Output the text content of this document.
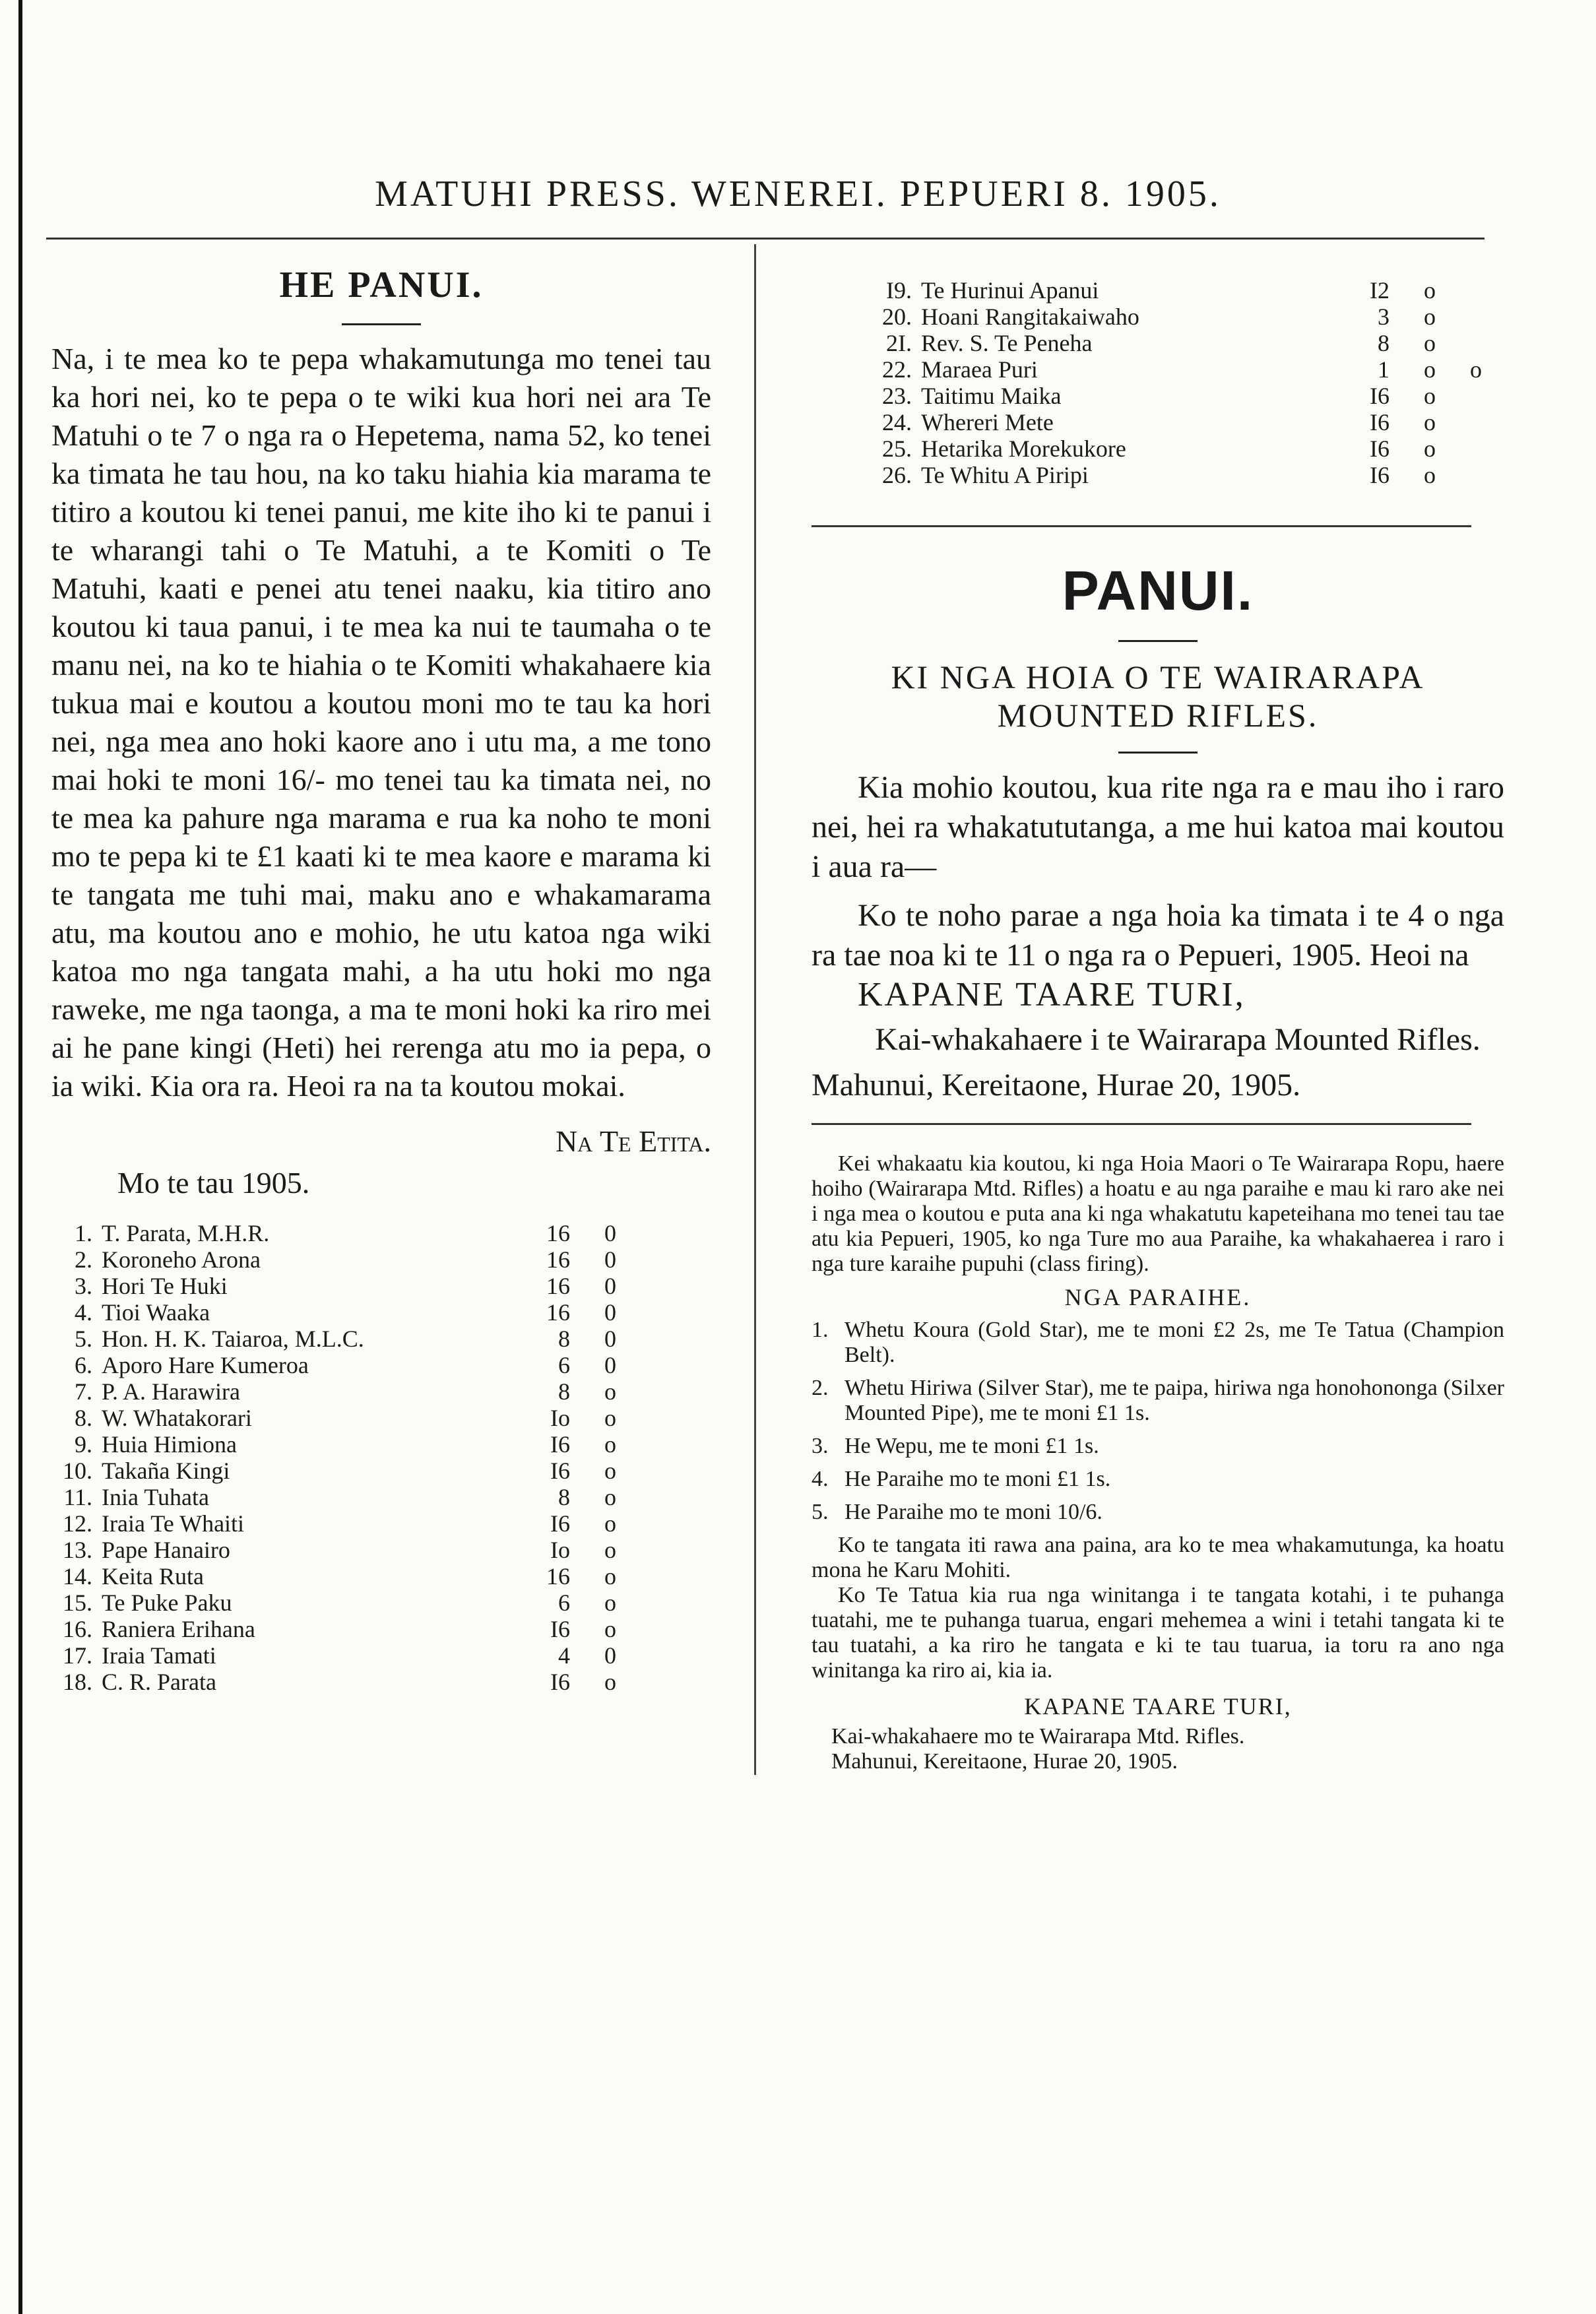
MATUHI PRESS. WENEREI. PEPUERI 8. 1905.
HE PANUI.

Na, i te mea ko te pepa whakamutunga mo tenei tau ka hori nei, ko te pepa o te wiki kua hori nei ara Te Matuhi o te 7 o nga ra o Hepetema, nama 52, ko tenei ka timata he tau hou, na ko taku hiahia kia marama te titiro a koutou ki tenei panui, me kite iho ki te panui i te wharangi tahi o Te Matuhi, a te Komiti o Te Matuhi, kaati e penei atu tenei naaku, kia titiro ano koutou ki taua panui, i te mea ka nui te taumaha o te manu nei, na ko te hiahia o te Komiti whakahaere kia tukua mai e koutou a koutou moni mo te tau ka hori nei, nga mea ano hoki kaore ano i utu ma, a me tono mai hoki te moni 16/- mo tenei tau ka timata nei, no te mea ka pahure nga marama e rua ka noho te moni mo te pepa ki te £1 kaati ki te mea kaore e marama ki te tangata me tuhi mai, maku ano e whakamarama atu, ma koutou ano e mohio, he utu katoa nga wiki katoa mo nga tangata mahi, a ha utu hoki mo nga raweke, me nga taonga, a ma te moni hoki ka riro mei ai he pane kingi (Heti) hei rerenga atu mo ia pepa, o ia wiki. Kia ora ra. Heoi ra na ta koutou mokai.

Na Te Etita.

Mo te tau 1905.

1.	T. Parata, M.H.R.	16	0
2.	Koroneho Arona	16	0
3.	Hori Te Huki	16	0
4.	Tioi Waaka	16	0
5.	Hon. H. K. Taiaroa, M.L.C.	8	0
6.	Aporo Hare Kumeroa	6	0
7.	P. A. Harawira	8	o
8.	W. Whatakorari	Io	o
9.	Huia Himiona	I6	o
10.	Takaña Kingi	I6	o
11.	Inia Tuhata	8	o
12.	Iraia Te Whaiti	I6	o
13.	Pape Hanairo	Io	o
14.	Keita Ruta	16	o
15.	Te Puke Paku	6	o
16.	Raniera Erihana	I6	o
17.	Iraia Tamati	4	0
18.	C. R. Parata	I6	o
I9.	Te Hurinui Apanui	I2	o	
20.	Hoani Rangitakaiwaho	3	o	
2I.	Rev. S. Te Peneha	8	o	
22.	Maraea Puri	1	o	o
23.	Taitimu Maika	I6	o	
24.	Whereri Mete	I6	o	
25.	Hetarika Morekukore	I6	o	
26.	Te Whitu A Piripi	I6	o	
PANUI.

KI NGA HOIA O TE WAIRARAPA MOUNTED RIFLES.

Kia mohio koutou, kua rite nga ra e mau iho i raro nei, hei ra whakatututanga, a me hui katoa mai koutou i aua ra—

Ko te noho parae a nga hoia ka timata i te 4 o nga ra tae noa ki te 11 o nga ra o Pepueri, 1905. Heoi na

KAPANE TAARE TURI,

Kai-whakahaere i te Wairarapa Mounted Rifles.

Mahunui, Kereitaone, Hurae 20, 1905.

Kei whakaatu kia koutou, ki nga Hoia Maori o Te Wairarapa Ropu, haere hoiho (Wairarapa Mtd. Rifles) a hoatu e au nga paraihe e mau ki raro ake nei i nga mea o koutou e puta ana ki nga whakatutu kapeteihana mo tenei tau tae atu kia Pepueri, 1905, ko nga Ture mo aua Paraihe, ka whakahaerea i raro i nga ture karaihe pupuhi (class firing).

NGA PARAIHE.

1. Whetu Koura (Gold Star), me te moni £2 2s, me Te Tatua (Champion Belt).
2. Whetu Hiriwa (Silver Star), me te paipa, hiriwa nga honohononga (Silxer Mounted Pipe), me te moni £1 1s.
3. He Wepu, me te moni £1 1s.
4. He Paraihe mo te moni £1 1s.
5. He Paraihe mo te moni 10/6.

Ko te tangata iti rawa ana paina, ara ko te mea whakamutunga, ka hoatu mona he Karu Mohiti.

Ko Te Tatua kia rua nga winitanga i te tangata kotahi, i te puhanga tuatahi, me te puhanga tuarua, engari mehemea a wini i tetahi tangata ki te tau tuatahi, a ka riro he tangata e ki te tau tuarua, ia toru ra ano nga winitanga ka riro ai, kia ia.

KAPANE TAARE TURI,

Kai-whakahaere mo te Wairarapa Mtd. Rifles.

Mahunui, Kereitaone, Hurae 20, 1905.
